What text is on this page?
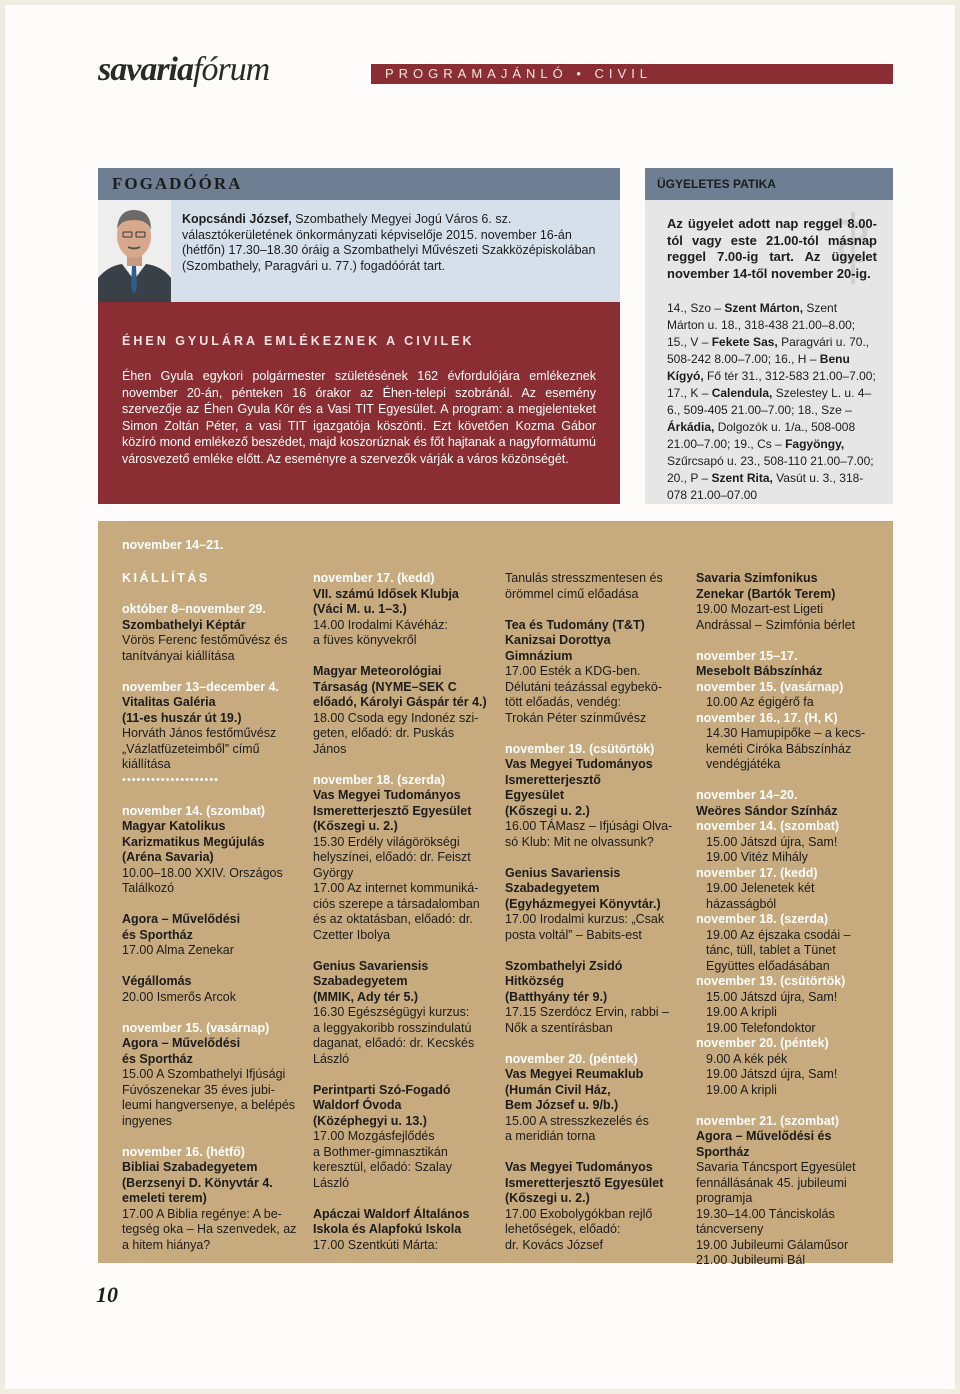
savariafórum	PROGRAMAJÁNLÓ • CIVIL
FOGADÓÓRA
Kopcsándi József, Szombathely Megyei Jogú Város 6. sz. választókerületének önkormányzati képviselője 2015. november 16-án (hétfőn) 17.30–18.30 óráig a Szombathelyi Művészeti Szakközépiskolában (Szombathely, Paragvári u. 77.) fogadóórát tart.
ÉHEN GYULÁRA EMLÉKEZNEK A CIVILEK
Éhen Gyula egykori polgármester születésének 162 évfordulójára emlékeznek november 20-án, pénteken 16 órakor az Éhen-telepi szobránál. Az esemény szervezője az Éhen Gyula Kör és a Vasi TIT Egyesület. A program: a megjelenteket Simon Zoltán Péter, a vasi TIT igazgatója köszönti. Ezt követően Kozma Gábor közíró mond emlékező beszédet, majd koszorúznak és főt hajtanak a nagyformátumú városvezető emléke előtt. Az eseményre a szervezők várják a város közönségét.
ÜGYELETES PATIKA
Az ügyelet adott nap reggel 8.00-tól vagy este 21.00-tól másnap reggel 7.00-ig tart. Az ügyelet november 14-től november 20-ig.
14., Szo – Szent Márton, Szent Márton u. 18., 318-438 21.00–8.00; 15., V – Fekete Sas, Paragvári u. 70., 508-242 8.00–7.00; 16., H – Benu Kígyó, Fő tér 31., 312-583 21.00–7.00; 17., K – Calendula, Szelestey L. u. 4–6., 509-405 21.00–7.00; 18., Sze – Árkádia, Dolgozók u. 1/a., 508-008 21.00–7.00; 19., Cs – Fagyöngy, Szűrcsapó u. 23., 508-110 21.00–7.00; 20., P – Szent Rita, Vasút u. 3., 318-078 21.00–07.00
november 14–21.

KIÁLLÍTÁS

október 8–november 29.

Szombathelyi Képtár

Vörös Ferenc festőművész és

tanítványai kiállítása

november 13–december 4.

Vitalitas Galéria

(11-es huszár út 19.)

Horváth János festőművész

„Vázlatfüzeteimből” című

kiállítása

••••••••••••••••••••

november 14. (szombat)

Magyar Katolikus

Karizmatikus Megújulás

(Aréna Savaria)

10.00–18.00 XXIV. Országos

Találkozó

Agora – Művelődési

és Sportház

17.00 Alma Zenekar

Végállomás

20.00 Ismerős Arcok

november 15. (vasárnap)

Agora – Művelődési

és Sportház

15.00 A Szombathelyi Ifjúsági

Fúvószenekar 35 éves jubi-

leumi hangversenye, a belépés

ingyenes

november 16. (hétfő)

Bibliai Szabadegyetem

(Berzsenyi D. Könyvtár 4.

emeleti terem)

17.00 A Biblia regénye: A be-

tegség oka – Ha szenvedek, az

a hitem hiánya?

november 17. (kedd)

VII. számú Idősek Klubja

(Váci M. u. 1–3.)

14.00 Irodalmi Kávéház:

a füves könyvekről

Magyar Meteorológiai

Társaság (NYME–SEK C

előadó, Károlyi Gáspár tér 4.)

18.00 Csoda egy Indonéz szi-

geten, előadó: dr. Puskás

János

november 18. (szerda)

Vas Megyei Tudományos

Ismeretterjesztő Egyesület

(Kőszegi u. 2.)

15.30 Erdély világörökségi

helyszínei, előadó: dr. Feiszt

György

17.00 Az internet kommuniká-

ciós szerepe a társadalomban

és az oktatásban, előadó: dr.

Czetter Ibolya

Genius Savariensis

Szabadegyetem

(MMIK, Ady tér 5.)

16.30 Egészségügyi kurzus:

a leggyakoribb rosszindulatú

daganat, előadó: dr. Kecskés

László

Perintparti Szó-Fogadó

Waldorf Óvoda

(Középhegyi u. 13.)

17.00 Mozgásfejlődés

a Bothmer-gimnasztikán

keresztül, előadó: Szalay

László

Apáczai Waldorf Általános

Iskola és Alapfokú Iskola

17.00 Szentkúti Márta:

Tanulás stresszmentesen és

örömmel című előadása

Tea és Tudomány (T&T)

Kanizsai Dorottya

Gimnázium

17.00 Esték a KDG-ben.

Délutáni teázással egybekö-

tött előadás, vendég:

Trokán Péter színművész

november 19. (csütörtök)

Vas Megyei Tudományos

Ismeretterjesztő

Egyesület

(Kőszegi u. 2.)

16.00 TÁMasz – Ifjúsági Olva-

só Klub: Mit ne olvassunk?

Genius Savariensis

Szabadegyetem

(Egyházmegyei Könyvtár.)

17.00 Irodalmi kurzus: „Csak

posta voltál” – Babits-est

Szombathelyi Zsidó

Hitközség

(Batthyány tér 9.)

17.15 Szerdócz Ervin, rabbi –

Nők a szentírásban

november 20. (péntek)

Vas Megyei Reumaklub

(Humán Civil Ház,

Bem József u. 9/b.)

15.00 A stresszkezelés és

a meridián torna

Vas Megyei Tudományos

Ismeretterjesztő Egyesület

(Kőszegi u. 2.)

17.00 Exobolygókban rejlő

lehetőségek, előadó:

dr. Kovács József

Savaria Szimfonikus

Zenekar (Bartók Terem)

19.00 Mozart-est Ligeti

Andrással – Szimfónia bérlet

november 15–17.

Mesebolt Bábszínház

november 15. (vasárnap)

10.00 Az égigérő fa

november 16., 17. (H, K)

14.30 Hamupipőke – a kecs-

keméti Ciróka Bábszínház

vendégjátéka

november 14–20.

Weöres Sándor Színház

november 14. (szombat)

15.00 Játszd újra, Sam!

19.00 Vitéz Mihály

november 17. (kedd)

19.00 Jelenetek két házasságból

november 18. (szerda)

19.00 Az éjszaka csodái –

tánc, tüll, tablet a Tünet

Együttes előadásában

november 19. (csütörtök)

15.00 Játszd újra, Sam!

19.00 A kripli

19.00 Telefondoktor

november 20. (péntek)

9.00 A kék pék

19.00 Játszd újra, Sam!

19.00 A kripli

november 21. (szombat)

Agora – Művelődési és

Sportház

Savaria Táncsport Egyesület

fennállásának 45. jubileumi

programja

19.30–14.00 Tánciskolás

táncverseny

19.00 Jubileumi Gálaműsor

21.00 Jubileumi Bál

10
